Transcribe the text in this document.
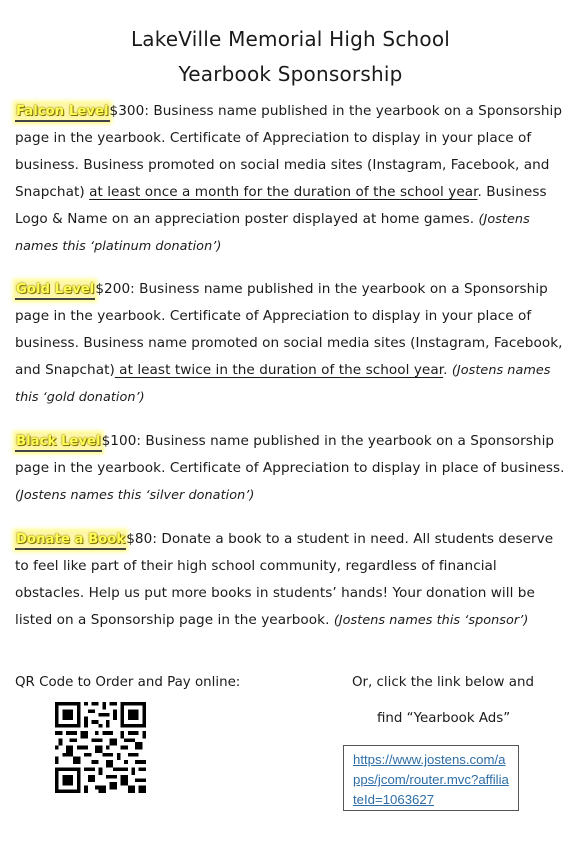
LakeVille Memorial High School
Yearbook Sponsorship
Falcon Level$300: Business name published in the yearbook on a Sponsorship page in the yearbook. Certificate of Appreciation to display in your place of business. Business promoted on social media sites (Instagram, Facebook, and Snapchat) at least once a month for the duration of the school year. Business Logo & Name on an appreciation poster displayed at home games. (Jostens names this ‘platinum donation’)
Gold Level$200: Business name published in the yearbook on a Sponsorship page in the yearbook. Certificate of Appreciation to display in your place of business. Business name promoted on social media sites (Instagram, Facebook, and Snapchat) at least twice in the duration of the school year. (Jostens names this ‘gold donation’)
Black Level$100: Business name published in the yearbook on a Sponsorship page in the yearbook. Certificate of Appreciation to display in place of business. (Jostens names this ‘silver donation’)
Donate a Book$80: Donate a book to a student in need. All students deserve to feel like part of their high school community, regardless of financial obstacles. Help us put more books in students’ hands! Your donation will be listed on a Sponsorship page in the yearbook. (Jostens names this ‘sponsor’)
QR Code to Order and Pay online:	Or, click the link below and
find “Yearbook Ads”
https://www.jostens.com/apps/jcom/router.mvc?affiliateId=1063627
